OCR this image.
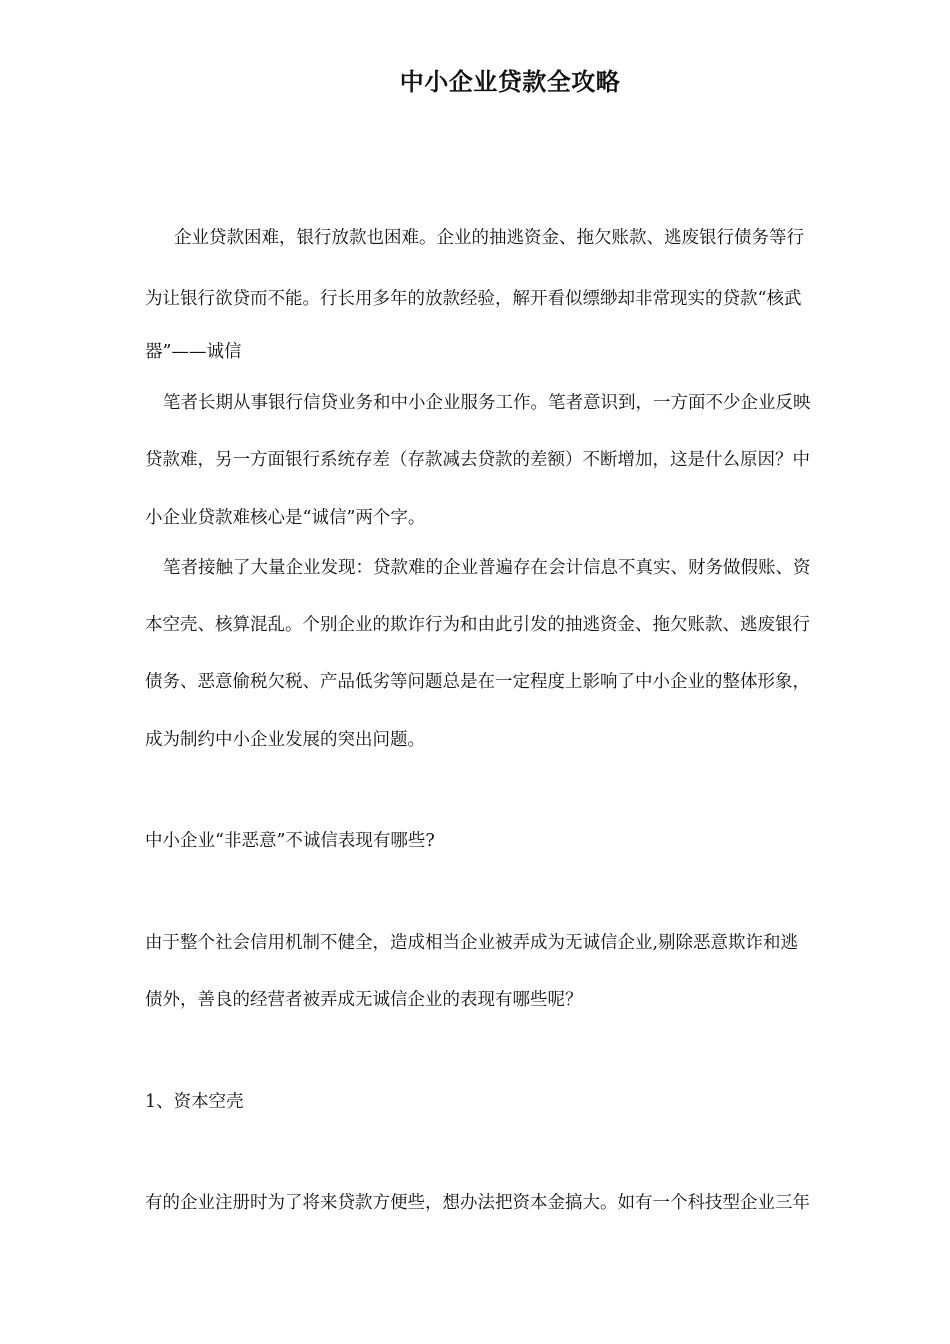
中小企业贷款全攻略
企业贷款困难，银行放款也困难。企业的抽逃资金、拖欠账款、逃废银行债务等行
为让银行欲贷而不能。行长用多年的放款经验，解开看似缥缈却非常现实的贷款“核武
器”——诚信
笔者长期从事银行信贷业务和中小企业服务工作。笔者意识到，一方面不少企业反映
贷款难，另一方面银行系统存差（存款减去贷款的差额）不断增加，这是什么原因？中
小企业贷款难核心是“诚信”两个字。
笔者接触了大量企业发现：贷款难的企业普遍存在会计信息不真实、财务做假账、资
本空壳、核算混乱。个别企业的欺诈行为和由此引发的抽逃资金、拖欠账款、逃废银行
债务、恶意偷税欠税、产品低劣等问题总是在一定程度上影响了中小企业的整体形象，
成为制约中小企业发展的突出问题。
中小企业“非恶意”不诚信表现有哪些?
由于整个社会信用机制不健全，造成相当企业被弄成为无诚信企业,剔除恶意欺诈和逃
债外，善良的经营者被弄成无诚信企业的表现有哪些呢？
1、资本空壳
有的企业注册时为了将来贷款方便些，想办法把资本金搞大。如有一个科技型企业三年
